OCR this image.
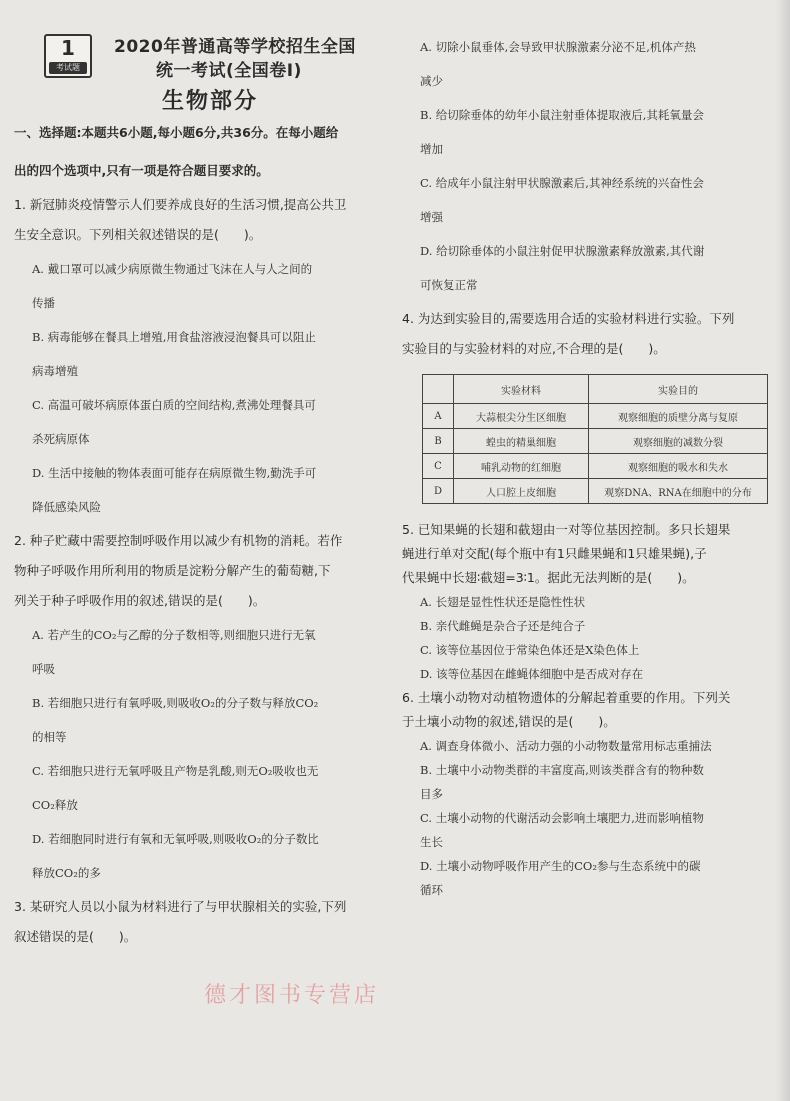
1
考试题
2020年普通高等学校招生全国
统一考试(全国卷Ⅰ)
生物部分

一、选择题:本题共6小题,每小题6分,共36分。在每小题给

出的四个选项中,只有一项是符合题目要求的。

1. 新冠肺炎疫情警示人们要养成良好的生活习惯,提高公共卫

生安全意识。下列相关叙述错误的是(　　)。

A. 戴口罩可以减少病原微生物通过飞沫在人与人之间的

传播

B. 病毒能够在餐具上增殖,用食盐溶液浸泡餐具可以阻止

病毒增殖

C. 高温可破坏病原体蛋白质的空间结构,煮沸处理餐具可

杀死病原体

D. 生活中接触的物体表面可能存在病原微生物,勤洗手可

降低感染风险

2. 种子贮藏中需要控制呼吸作用以减少有机物的消耗。若作

物种子呼吸作用所利用的物质是淀粉分解产生的葡萄糖,下

列关于种子呼吸作用的叙述,错误的是(　　)。

A. 若产生的CO₂与乙醇的分子数相等,则细胞只进行无氧

呼吸

B. 若细胞只进行有氧呼吸,则吸收O₂的分子数与释放CO₂

的相等

C. 若细胞只进行无氧呼吸且产物是乳酸,则无O₂吸收也无

CO₂释放

D. 若细胞同时进行有氧和无氧呼吸,则吸收O₂的分子数比

释放CO₂的多

3. 某研究人员以小鼠为材料进行了与甲状腺相关的实验,下列

叙述错误的是(　　)。

A. 切除小鼠垂体,会导致甲状腺激素分泌不足,机体产热

减少

B. 给切除垂体的幼年小鼠注射垂体提取液后,其耗氧量会

增加

C. 给成年小鼠注射甲状腺激素后,其神经系统的兴奋性会

增强

D. 给切除垂体的小鼠注射促甲状腺激素释放激素,其代谢

可恢复正常

4. 为达到实验目的,需要选用合适的实验材料进行实验。下列

实验目的与实验材料的对应,不合理的是(　　)。

	实验材料	实验目的
A	大蒜根尖分生区细胞	观察细胞的质壁分离与复原
B	蝗虫的精巢细胞	观察细胞的减数分裂
C	哺乳动物的红细胞	观察细胞的吸水和失水
D	人口腔上皮细胞	观察DNA、RNA在细胞中的分布

5. 已知果蝇的长翅和截翅由一对等位基因控制。多只长翅果

蝇进行单对交配(每个瓶中有1只雌果蝇和1只雄果蝇),子

代果蝇中长翅∶截翅=3∶1。据此无法判断的是(　　)。

A. 长翅是显性性状还是隐性性状

B. 亲代雌蝇是杂合子还是纯合子

C. 该等位基因位于常染色体还是X染色体上

D. 该等位基因在雌蝇体细胞中是否成对存在

6. 土壤小动物对动植物遗体的分解起着重要的作用。下列关

于土壤小动物的叙述,错误的是(　　)。

A. 调查身体微小、活动力强的小动物数量常用标志重捕法

B. 土壤中小动物类群的丰富度高,则该类群含有的物种数

目多

C. 土壤小动物的代谢活动会影响土壤肥力,进而影响植物

生长

D. 土壤小动物呼吸作用产生的CO₂参与生态系统中的碳

循环

德才图书专营店
